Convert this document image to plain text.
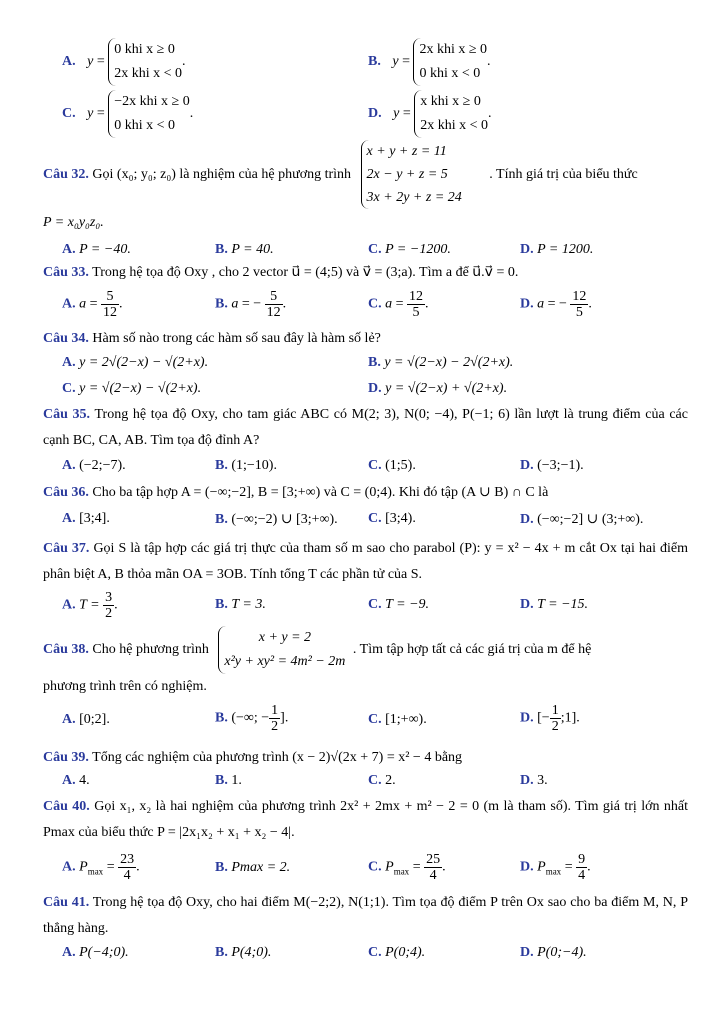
A. y = 0 khi x ≥ 0
2x khi x < 0.	B. y = 2x khi x ≥ 0
0 khi x < 0.
C. y = −2x khi x ≥ 0
0 khi x < 0.	D. y = x khi x ≥ 0
2x khi x < 0.
Câu 32. Gọi (x₀; y₀; z₀) là nghiệm của hệ phương trình x + y + z = 11
2x − y + z = 5
3x + 2y + z = 24 . Tính giá trị của biểu thức
P = x₀y₀z₀.
A. P = −40.	B. P = 40.	C. P = −1200.	D. P = 1200.
Câu 33. Trong hệ tọa độ Oxy , cho 2 vector u⃗ = (4;5) và v⃗ = (3;a). Tìm a để u⃗.v⃗ = 0.
A. $a = \frac{5}{12}$ .	B. a = − $\frac{5}{12}$ .	C. $a = \frac{12}{5}$ .	D. a = − $\frac{12}{5}$ .
Câu 34. Hàm số nào trong các hàm số sau đây là hàm số lẻ?
A. y = 2√(2−x) − √(2+x).	B. y = √(2−x) − 2√(2+x).
C. y = √(2−x) − √(2+x).	D. y = √(2−x) + √(2+x).
Câu 35. Trong hệ tọa độ Oxy, cho tam giác ABC có M(2; 3), N(0; −4), P(−1; 6) lần lượt là trung điểm của các cạnh BC, CA, AB. Tìm tọa độ đỉnh A?
A. (−2;−7).	B. (1;−10).	C. (1;5).	D. (−3;−1).
Câu 36. Cho ba tập hợp A = (−∞;−2], B = [3;+∞) và C = (0;4). Khi đó tập (A ∪ B) ∩ C là
A. [3;4].	B. (−∞;−2) ∪ [3;+∞). C. [3;4).	D. (−∞;−2] ∪ (3;+∞).
Câu 37. Gọi S là tập hợp các giá trị thực của tham số m sao cho parabol (P): y = x² − 4x + m cắt Ox tại hai điểm phân biệt A, B thỏa mãn OA = 3OB. Tính tổng T các phần tử của S.
A. $T = \frac{3}{2}$ .	B. T = 3.	C. T = −9.	D. T = −15.
Câu 38. Cho hệ phương trình x + y = 2
x²y + xy² = 4m² − 2m . Tìm tập hợp tất cả các giá trị của m để hệ
phương trình trên có nghiệm.
A. [0;2].	B. (−∞; − $\frac{1}{2}$ ].	C. [1;+∞).	D. [− $\frac{1}{2}$ ;1].
Câu 39. Tổng các nghiệm của phương trình (x − 2)√(2x + 7) = x² − 4 bằng
A. 4.	B. 1.	C. 2.	D. 3.
Câu 40. Gọi x₁, x₂ là hai nghiệm của phương trình 2x² + 2mx + m² − 2 = 0 (m là tham số). Tìm giá trị lớn nhất Pmax của biểu thức P = |2x₁x₂ + x₁ + x₂ − 4|.
A. $P_{max} = \frac{23}{4}$ .	B. Pmax = 2.	C. $P_{max} = \frac{25}{4}$ .	D. $P_{max} = \frac{9}{4}$ .
Câu 41. Trong hệ tọa độ Oxy, cho hai điểm M(−2;2), N(1;1). Tìm tọa độ điểm P trên Ox sao cho ba điểm M, N, P thẳng hàng.
A. P(−4;0).	B. P(4;0).	C. P(0;4).	D. P(0;−4).
